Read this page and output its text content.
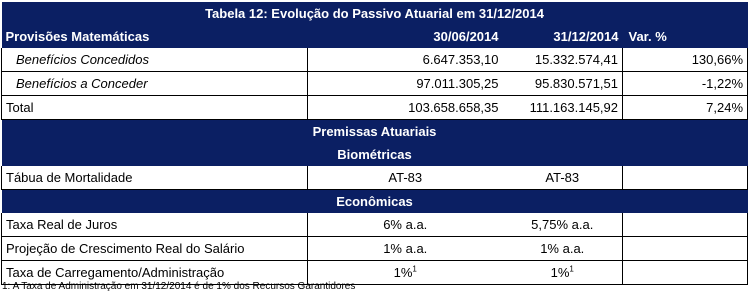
Tabela 12: Evolução do Passivo Atuarial em 31/12/2014			
Provisões Matemáticas	30/06/2014	31/12/2014	Var. %
Benefícios Concedidos	6.647.353,10	15.332.574,41	130,66%
Benefícios a Conceder	97.011.305,25	95.830.571,51	-1,22%
Total	103.658.658,35	111.163.145,92	7,24%
Premissas Atuariais			
Biométricas			
Tábua de Mortalidade	AT-83	AT-83	
Econômicas			
Taxa Real de Juros	6% a.a.	5,75% a.a.	
Projeção de Crescimento Real do Salário	1% a.a.	1% a.a.	
Taxa de Carregamento/Administração	1%$^1$	1%$^1$	
1: A Taxa de Administração em 31/12/2014 é de 1% dos Recursos Garantidores
